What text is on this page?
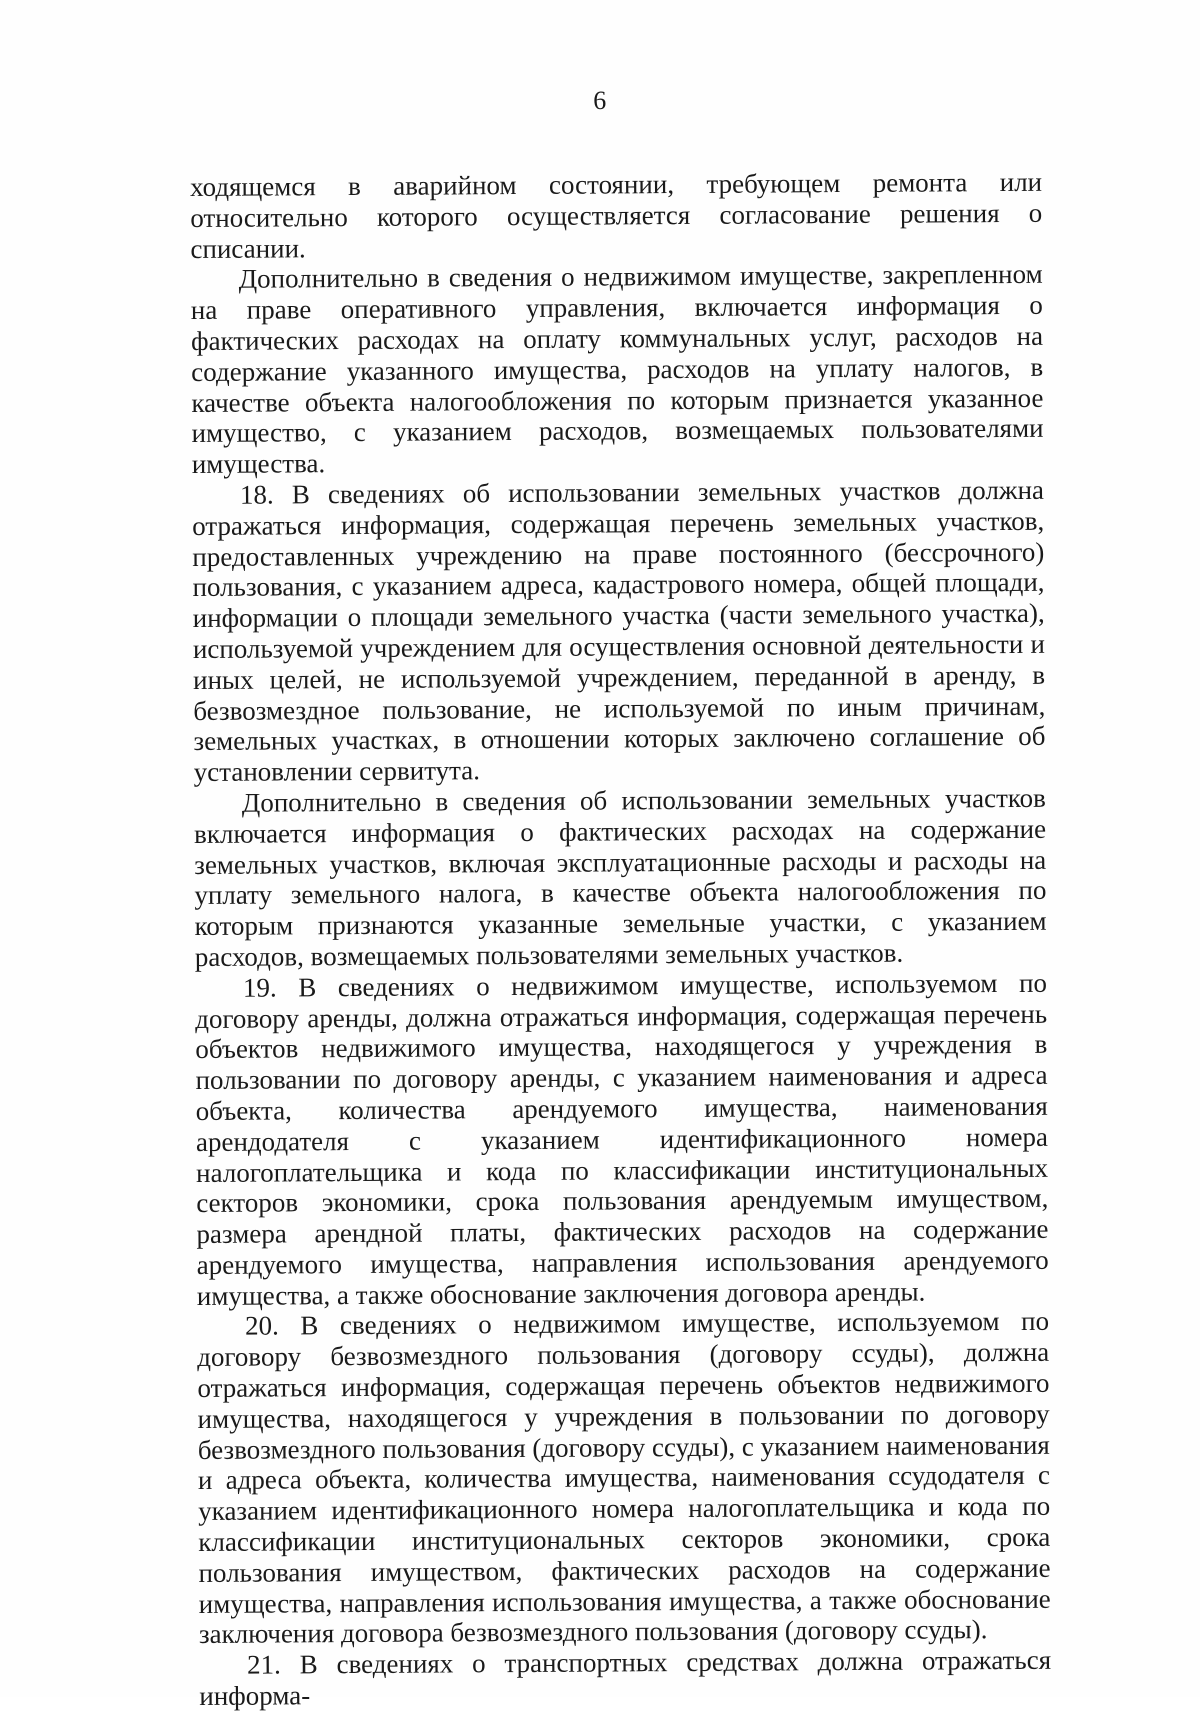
6

ходящемся в аварийном состоянии, требующем ремонта или относительно которого осуществляется согласование решения о списании.

Дополнительно в сведения о недвижимом имуществе, закрепленном на праве оперативного управления, включается информация о фактических расходах на оплату коммунальных услуг, расходов на содержание указанного имущества, расходов на уплату налогов, в качестве объекта налогообложения по которым признается указанное имущество, с указанием расходов, возмещаемых пользователями имущества.

18. В сведениях об использовании земельных участков должна отражаться информация, содержащая перечень земельных участков, предоставленных учреждению на праве постоянного (бессрочного) пользования, с указанием адреса, кадастрового номера, общей площади, информации о площади земельного участка (части земельного участка), используемой учреждением для осуществления основной деятельности и иных целей, не используемой учреждением, переданной в аренду, в безвозмездное пользование, не используемой по иным причинам, земельных участках, в отношении которых заключено соглашение об установлении сервитута.

Дополнительно в сведения об использовании земельных участков включается информация о фактических расходах на содержание земельных участков, включая эксплуатационные расходы и расходы на уплату земельного налога, в качестве объекта налогообложения по которым признаются указанные земельные участки, с указанием расходов, возмещаемых пользователями земельных участков.

19. В сведениях о недвижимом имуществе, используемом по договору аренды, должна отражаться информация, содержащая перечень объектов недвижимого имущества, находящегося у учреждения в пользовании по договору аренды, с указанием наименования и адреса объекта, количества арендуемого имущества, наименования арендодателя с указанием идентификационного номера налогоплательщика и кода по классификации институциональных секторов экономики, срока пользования арендуемым имуществом, размера арендной платы, фактических расходов на содержание арендуемого имущества, направления использования арендуемого имущества, а также обоснование заключения договора аренды.

20. В сведениях о недвижимом имуществе, используемом по договору безвозмездного пользования (договору ссуды), должна отражаться информация, содержащая перечень объектов недвижимого имущества, находящегося у учреждения в пользовании по договору безвозмездного пользования (договору ссуды), с указанием наименования и адреса объекта, количества имущества, наименования ссудодателя с указанием идентификационного номера налогоплательщика и кода по классификации институциональных секторов экономики, срока пользования имуществом, фактических расходов на содержание имущества, направления использования имущества, а также обоснование заключения договора безвозмездного пользования (договору ссуды).

21. В сведениях о транспортных средствах должна отражаться информа-
